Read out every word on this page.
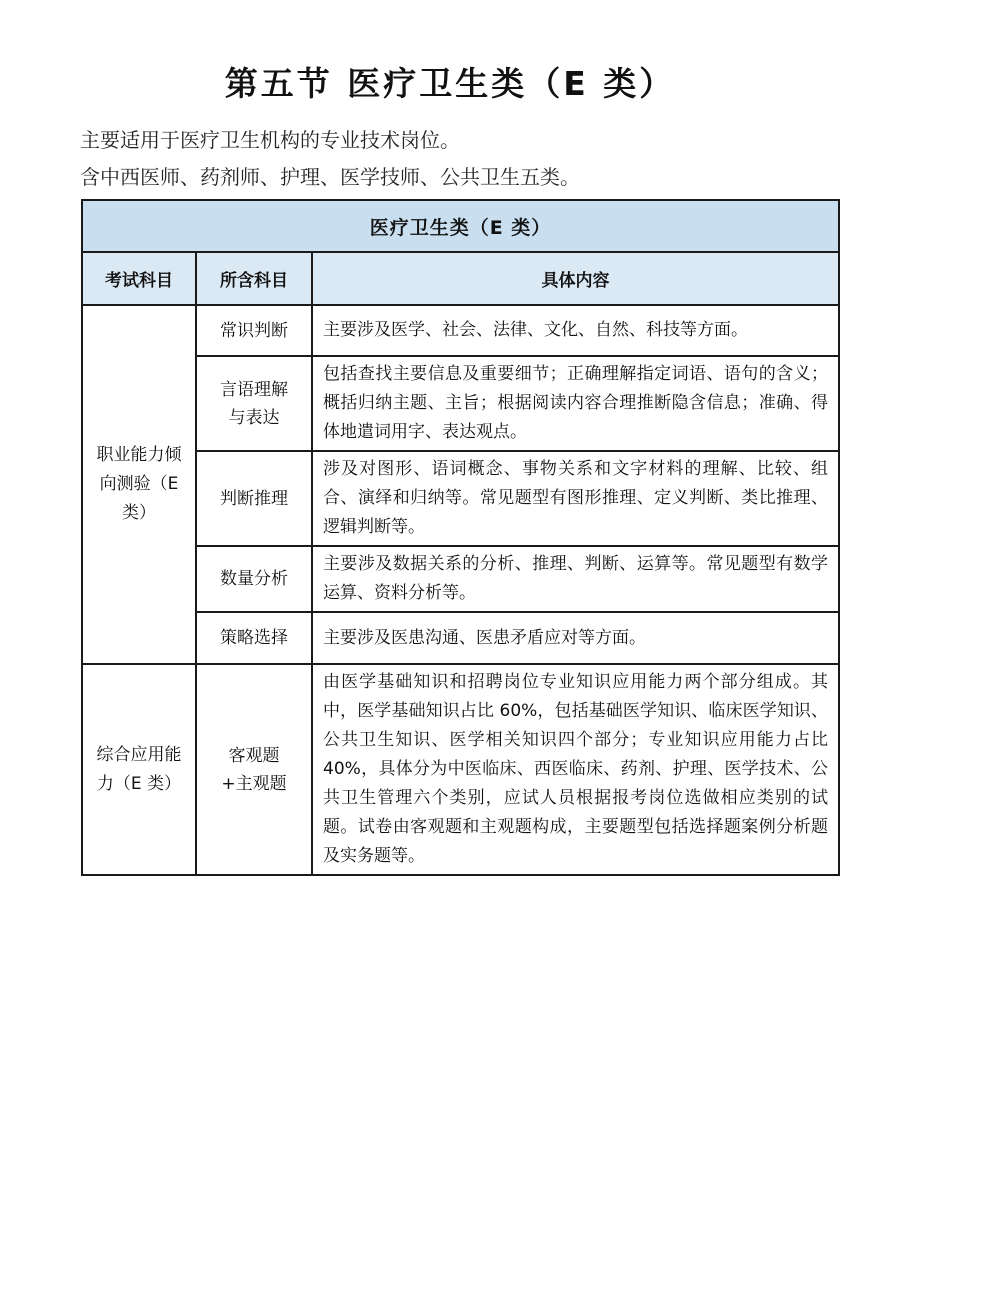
第五节 医疗卫生类（E 类）

主要适用于医疗卫生机构的专业技术岗位。

含中西医师、药剂师、护理、医学技师、公共卫生五类。

医疗卫生类（E 类）		
考试科目	所含科目	具体内容
职业能力倾向测验（E 类）	常识判断	主要涉及医学、社会、法律、文化、自然、科技等方面。
	言语理解与表达	包括查找主要信息及重要细节；正确理解指定词语、语句的含义；概括归纳主题、主旨；根据阅读内容合理推断隐含信息；准确、得体地遣词用字、表达观点。
	判断推理	涉及对图形、语词概念、事物关系和文字材料的理解、比较、组合、演绎和归纳等。常见题型有图形推理、定义判断、类比推理、逻辑判断等。
	数量分析	主要涉及数据关系的分析、推理、判断、运算等。常见题型有数学运算、资料分析等。
	策略选择	主要涉及医患沟通、医患矛盾应对等方面。
综合应用能力（E 类）	客观题+主观题	由医学基础知识和招聘岗位专业知识应用能力两个部分组成。其中，医学基础知识占比 60%，包括基础医学知识、临床医学知识、公共卫生知识、医学相关知识四个部分；专业知识应用能力占比 40%，具体分为中医临床、西医临床、药剂、护理、医学技术、公共卫生管理六个类别，应试人员根据报考岗位选做相应类别的试题。试卷由客观题和主观题构成，主要题型包括选择题案例分析题及实务题等。
